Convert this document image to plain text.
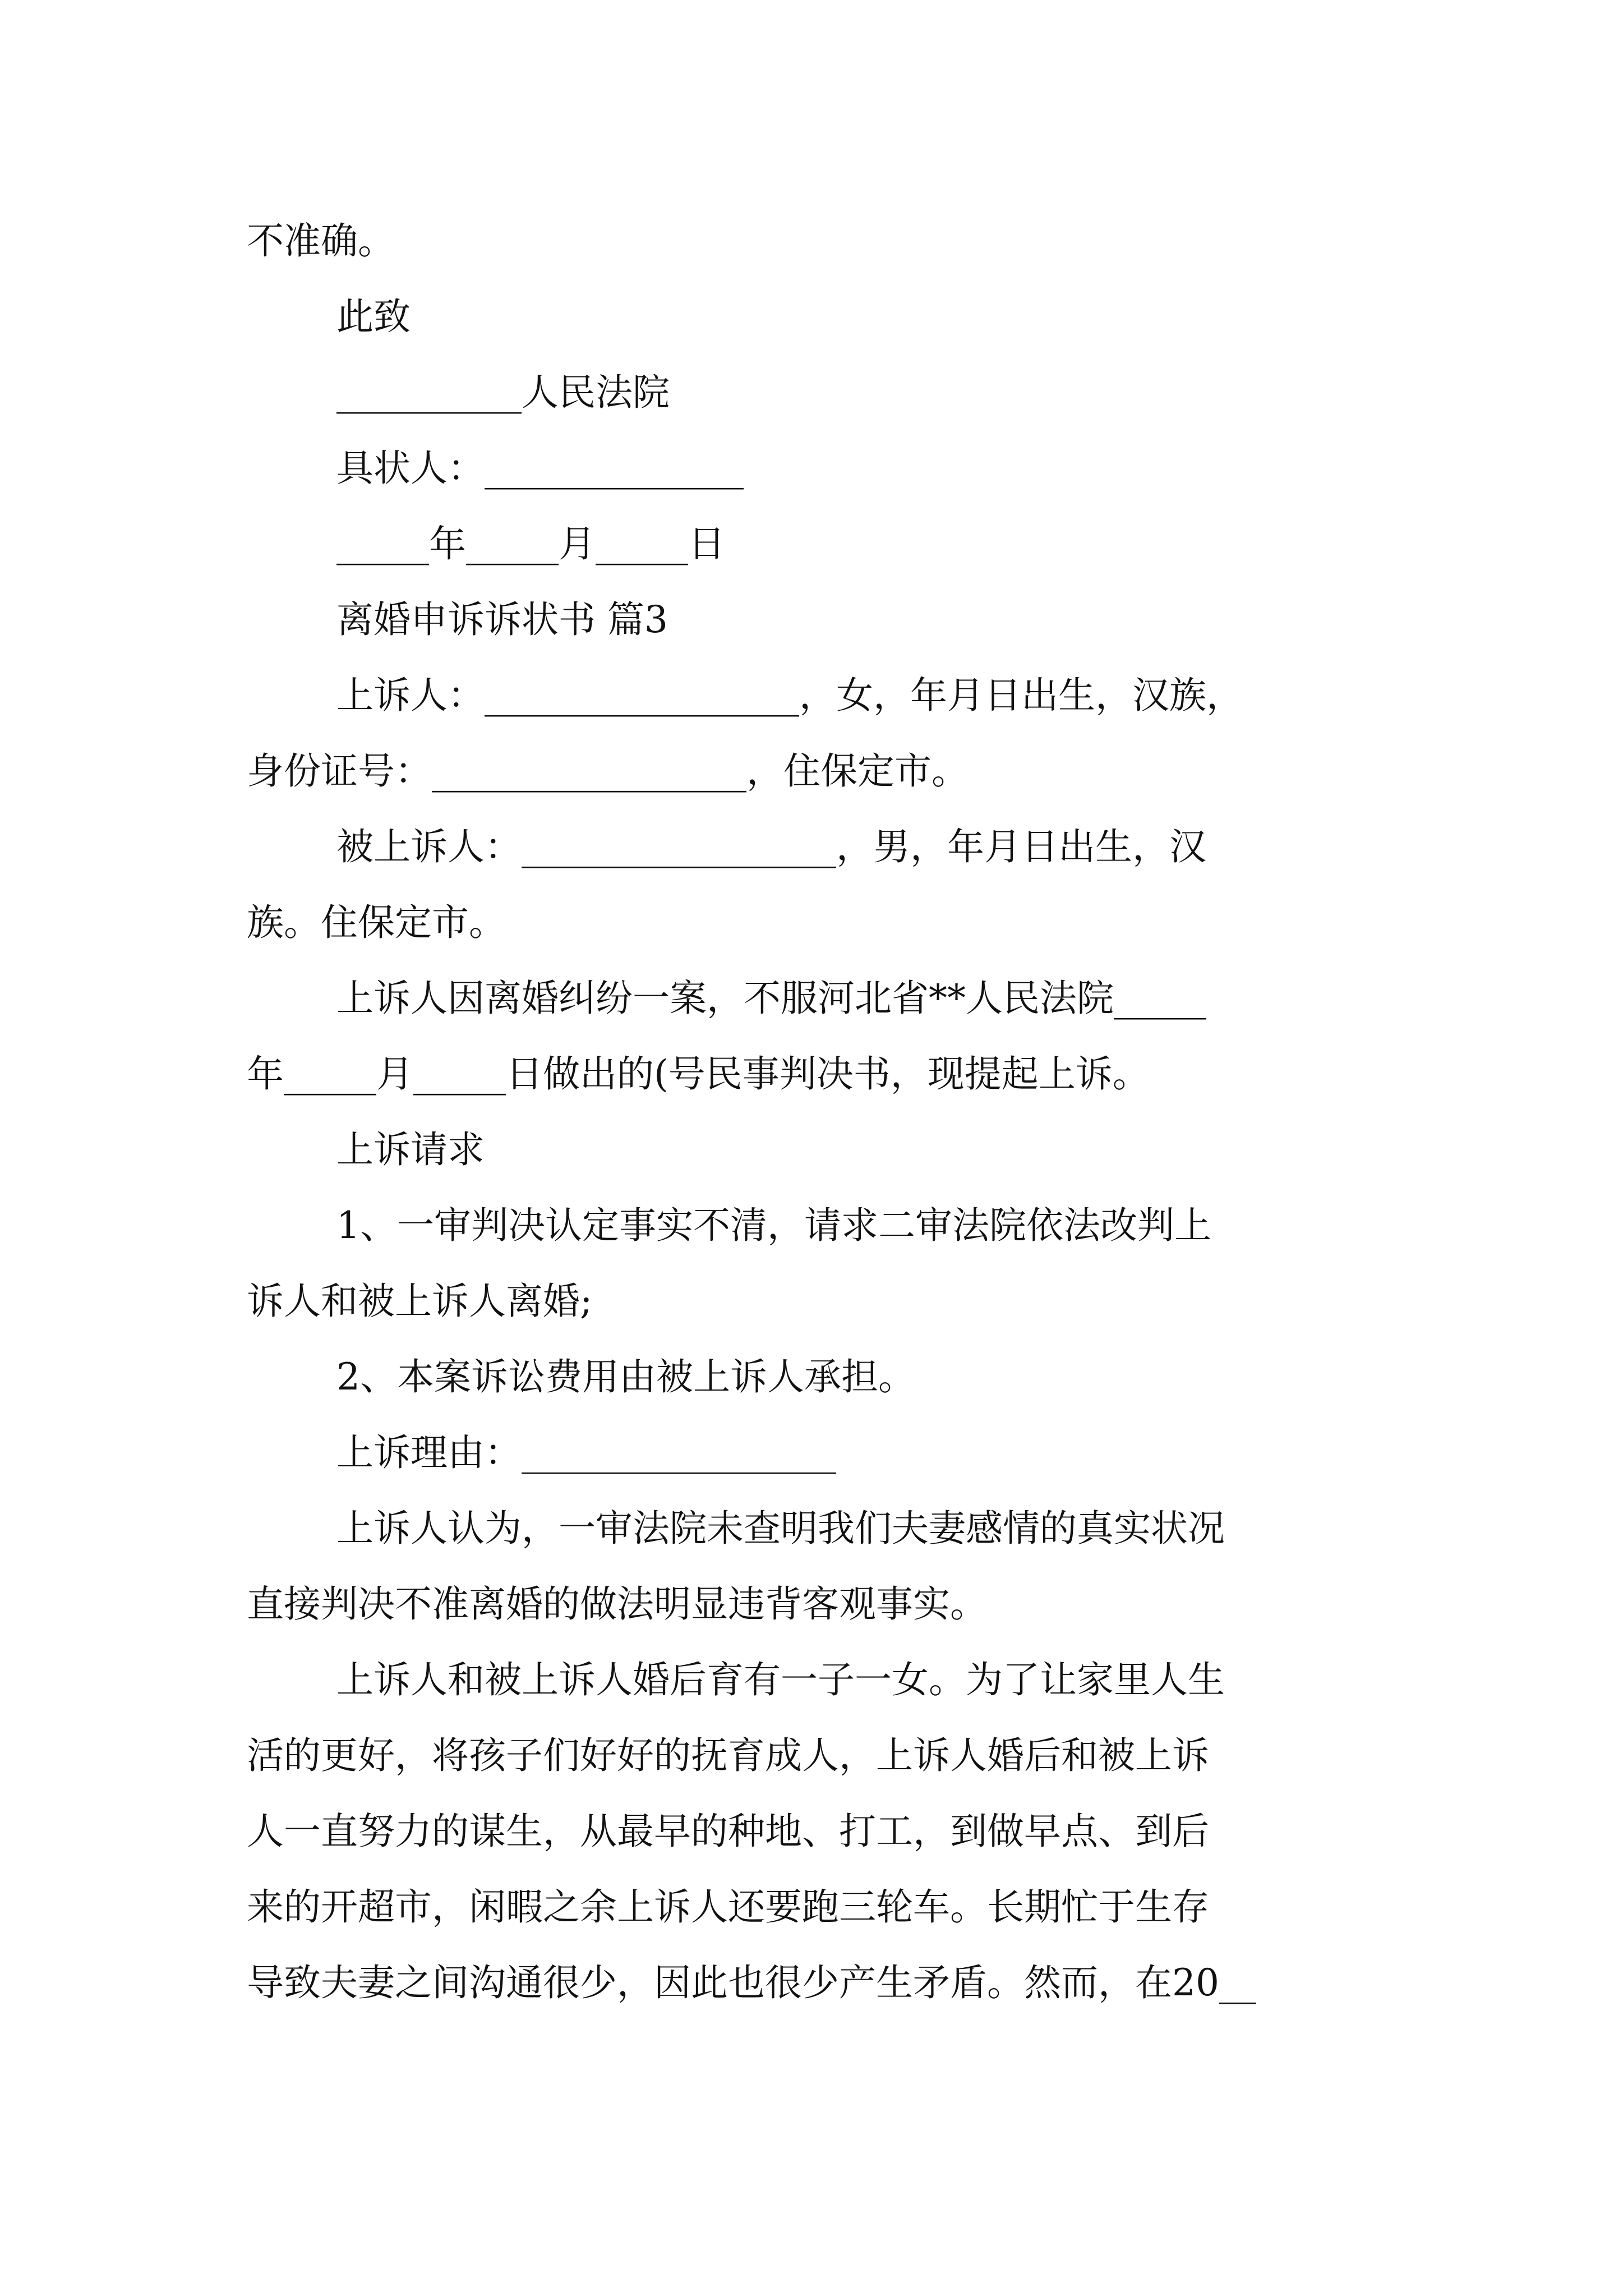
不准确。
此致
__________人民法院
具状人：______________
_____年_____月_____日
离婚申诉诉状书 篇3
上诉人：_________________，女，年月日出生，汉族，
身份证号：_________________，住保定市。
被上诉人：_________________，男，年月日出生，汉
族。住保定市。
上诉人因离婚纠纷一案，不服河北省**人民法院_____
年_____月_____日做出的(号民事判决书，现提起上诉。
上诉请求
1、一审判决认定事实不清，请求二审法院依法改判上
诉人和被上诉人离婚;
2、本案诉讼费用由被上诉人承担。
上诉理由：_________________
上诉人认为，一审法院未查明我们夫妻感情的真实状况
直接判决不准离婚的做法明显违背客观事实。
上诉人和被上诉人婚后育有一子一女。为了让家里人生
活的更好，将孩子们好好的抚育成人，上诉人婚后和被上诉
人一直努力的谋生，从最早的种地、打工，到做早点、到后
来的开超市，闲暇之余上诉人还要跑三轮车。长期忙于生存
导致夫妻之间沟通很少，因此也很少产生矛盾。然而，在20__
